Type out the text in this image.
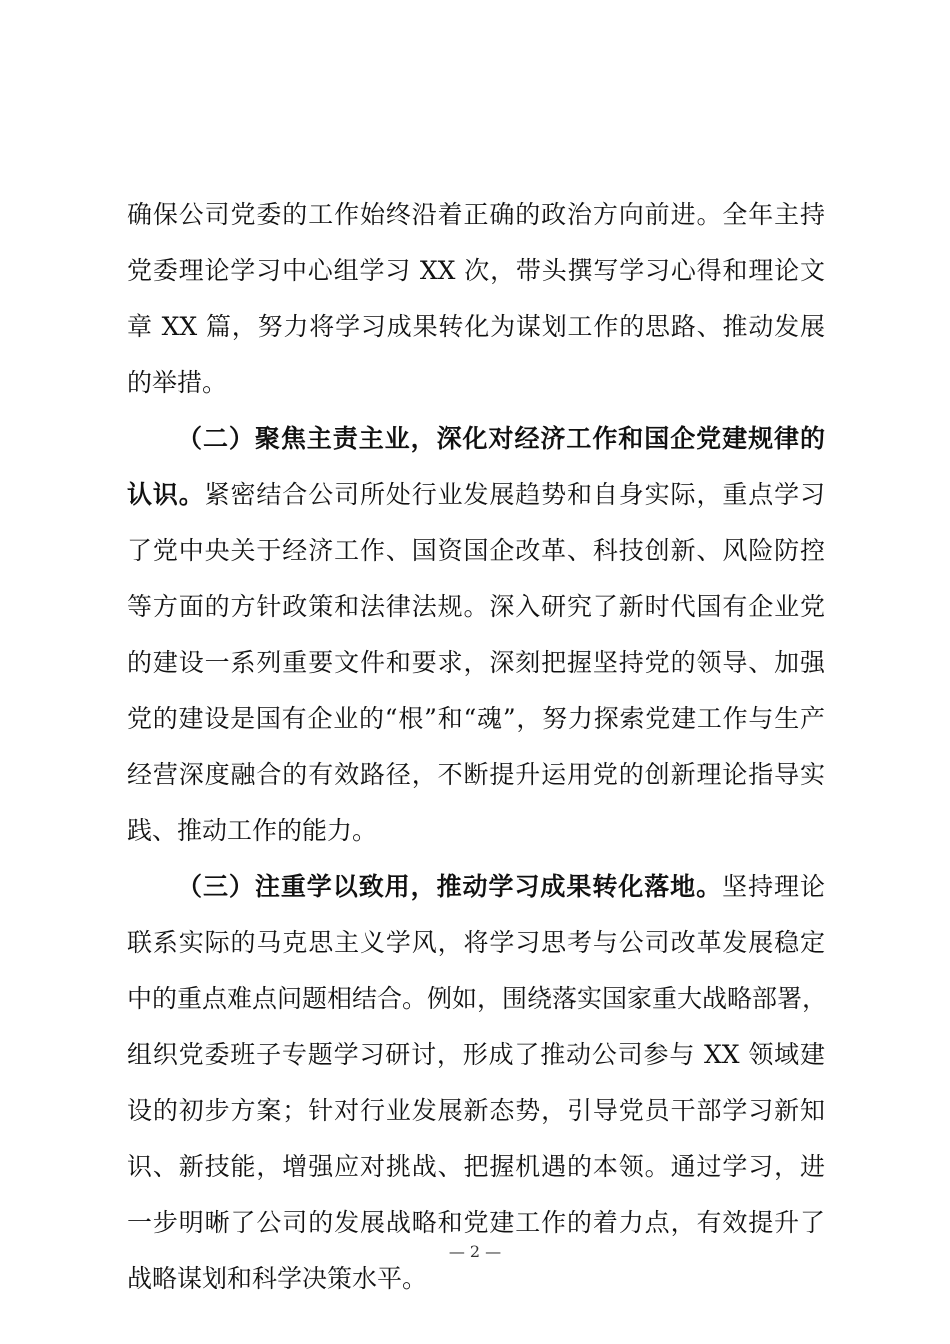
确保公司党委的工作始终沿着正确的政治方向前进。全年主持
党委理论学习中心组学习 XX 次，带头撰写学习心得和理论文
章 XX 篇，努力将学习成果转化为谋划工作的思路、推动发展
的举措。
（二）聚焦主责主业，深化对经济工作和国企党建规律的
认识。紧密结合公司所处行业发展趋势和自身实际，重点学习
了党中央关于经济工作、国资国企改革、科技创新、风险防控
等方面的方针政策和法律法规。深入研究了新时代国有企业党
的建设一系列重要文件和要求，深刻把握坚持党的领导、加强
党的建设是国有企业的“根”和“魂”，努力探索党建工作与生产
经营深度融合的有效路径，不断提升运用党的创新理论指导实
践、推动工作的能力。
（三）注重学以致用，推动学习成果转化落地。坚持理论
联系实际的马克思主义学风，将学习思考与公司改革发展稳定
中的重点难点问题相结合。例如，围绕落实国家重大战略部署，
组织党委班子专题学习研讨，形成了推动公司参与 XX 领域建
设的初步方案；针对行业发展新态势，引导党员干部学习新知
识、新技能，增强应对挑战、把握机遇的本领。通过学习，进
一步明晰了公司的发展战略和党建工作的着力点，有效提升了
战略谋划和科学决策水平。
— 2 —
